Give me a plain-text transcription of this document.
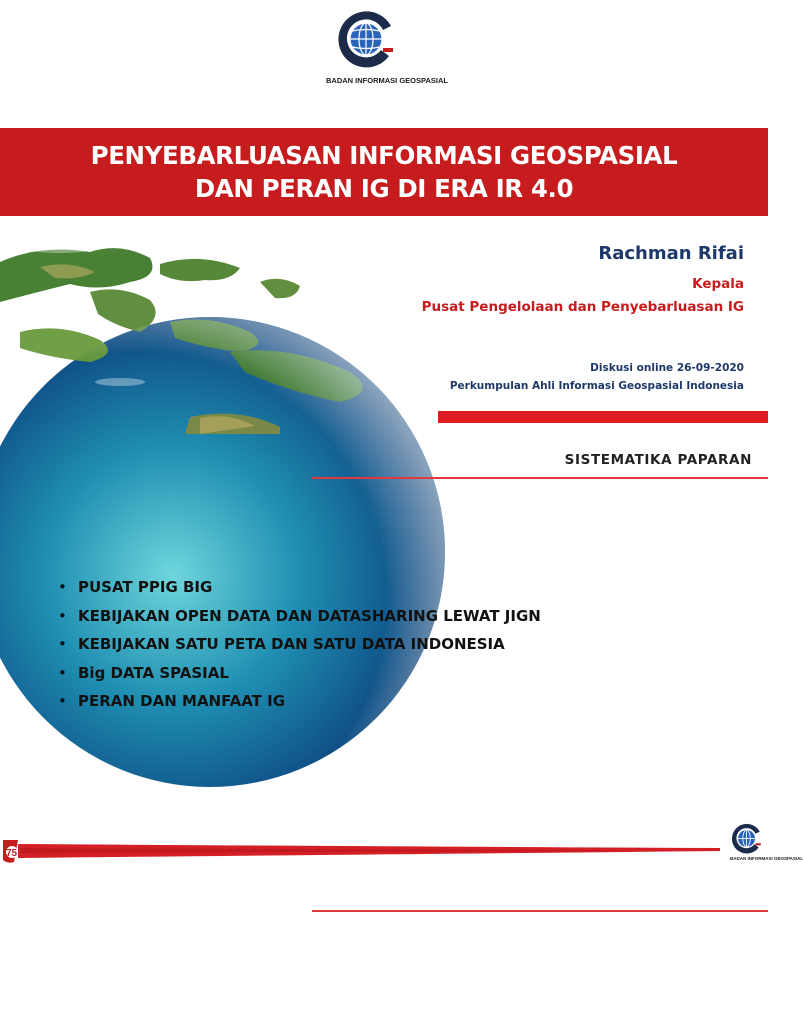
BADAN INFORMASI GEOSPASIAL
PENYEBARLUASAN INFORMASI GEOSPASIAL
DAN PERAN IG DI ERA IR 4.0
Rachman Rifai
Kepala
Pusat Pengelolaan dan Penyebarluasan IG
Diskusi online 26-09-2020
Perkumpulan Ahli Informasi Geospasial Indonesia
SISTEMATIKA PAPARAN
• PUSAT PPIG BIG
• KEBIJAKAN OPEN DATA DAN DATASHARING LEWAT JIGN
• KEBIJAKAN SATU PETA DAN SATU DATA INDONESIA
• Big DATA SPASIAL
• PERAN DAN MANFAAT IG
75	BADAN INFORMASI GEOSPASIAL
